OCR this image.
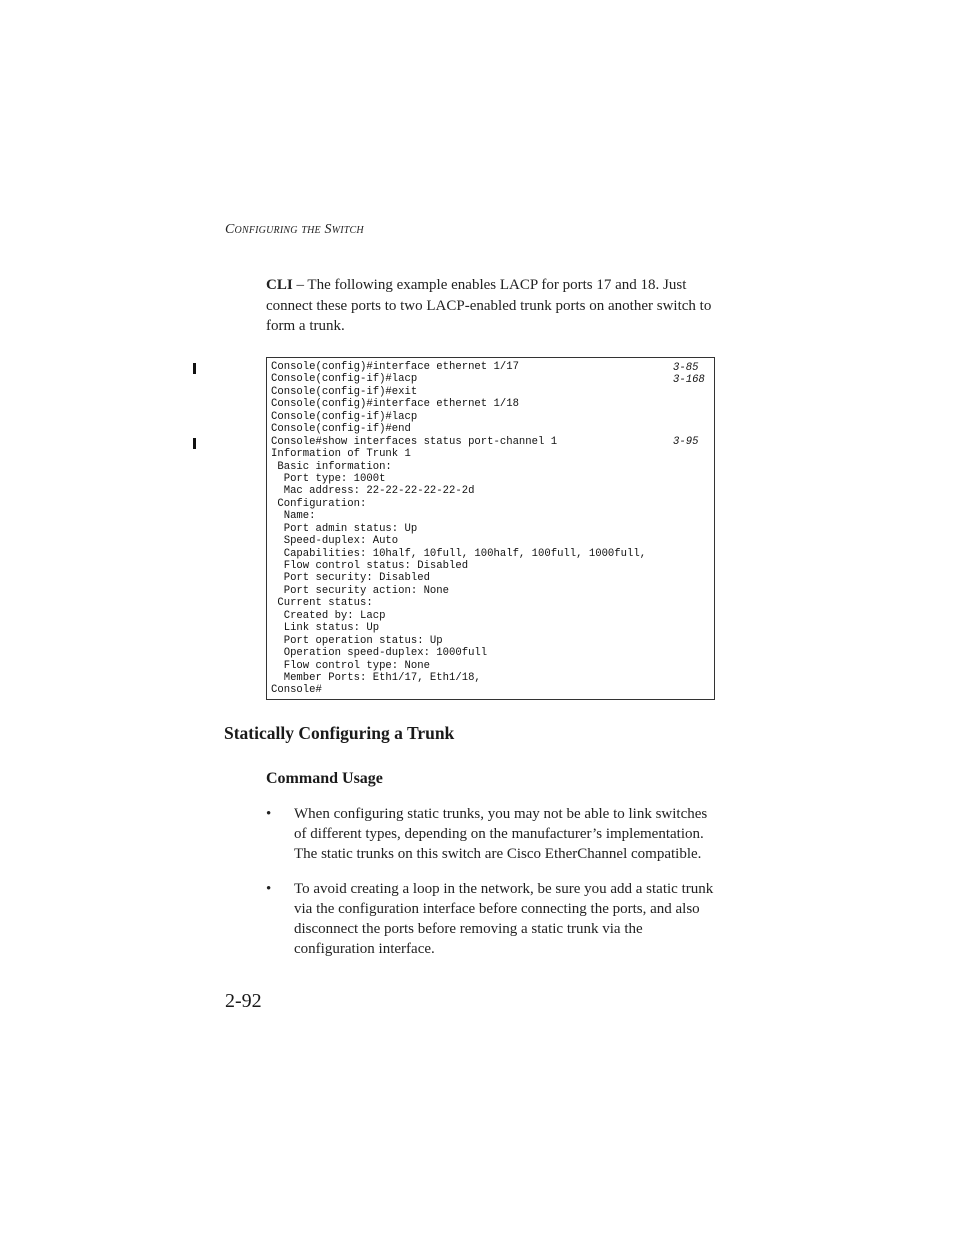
Configuring the Switch
CLI – The following example enables LACP for ports 17 and 18. Just connect these ports to two LACP-enabled trunk ports on another switch to form a trunk.
Console(config)#interface ethernet 1/17
Console(config-if)#lacp
Console(config-if)#exit
Console(config)#interface ethernet 1/18
Console(config-if)#lacp
Console(config-if)#end
Console#show interfaces status port-channel 1
Information of Trunk 1
Basic information:
Port type: 1000t
Mac address: 22-22-22-22-22-2d
Configuration:
Name:
Port admin status: Up
Speed-duplex: Auto
Capabilities: 10half, 10full, 100half, 100full, 1000full,
Flow control status: Disabled
Port security: Disabled
Port security action: None
Current status:
Created by: Lacp
Link status: Up
Port operation status: Up
Operation speed-duplex: 1000full
Flow control type: None
Member Ports: Eth1/17, Eth1/18,
Console#
3-85
3-168
3-95
Statically Configuring a Trunk
Command Usage
• When configuring static trunks, you may not be able to link switches of different types, depending on the manufacturer’s implementation. The static trunks on this switch are Cisco EtherChannel compatible.
• To avoid creating a loop in the network, be sure you add a static trunk via the configuration interface before connecting the ports, and also disconnect the ports before removing a static trunk via the configuration interface.
2-92
